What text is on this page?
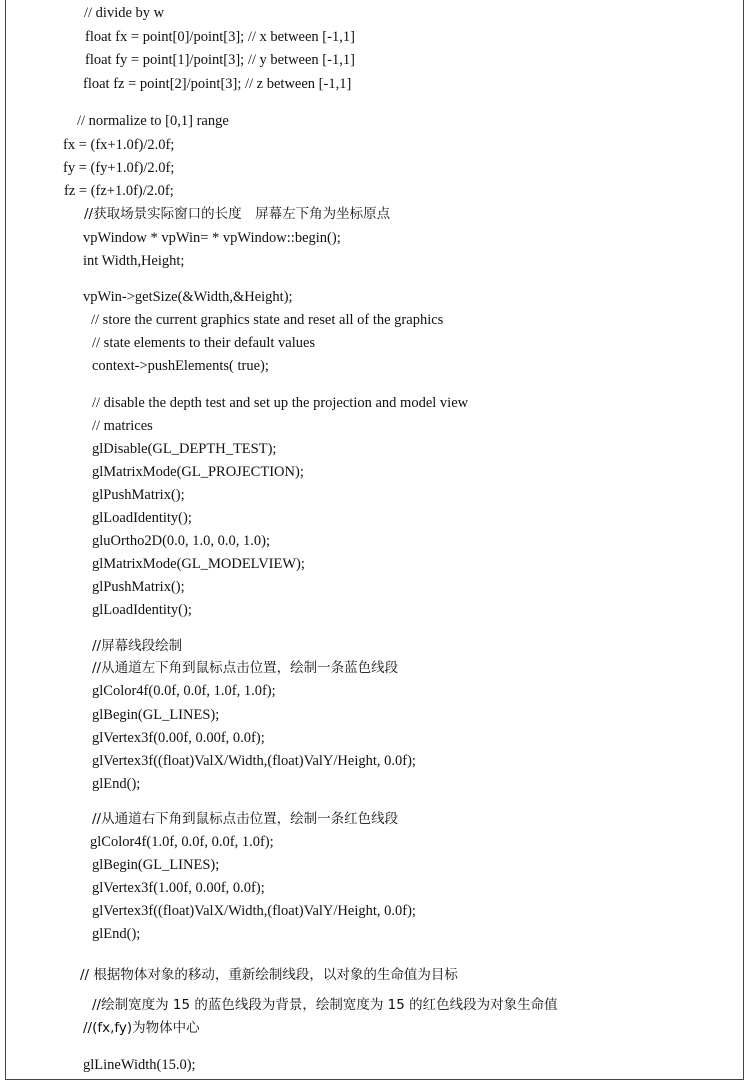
// divide by w
float fx = point[0]/point[3]; // x between [-1,1]
float fy = point[1]/point[3]; // y between [-1,1]
float fz = point[2]/point[3]; // z between [-1,1]
// normalize to [0,1] range
fx = (fx+1.0f)/2.0f;
fy = (fy+1.0f)/2.0f;
fz = (fz+1.0f)/2.0f;
//获取场景实际窗口的长度　屏幕左下角为坐标原点
vpWindow * vpWin= * vpWindow::begin();
int Width,Height;
vpWin->getSize(&Width,&Height);
// store the current graphics state and reset all of the graphics
// state elements to their default values
context->pushElements( true);
// disable the depth test and set up the projection and model view
// matrices
glDisable(GL_DEPTH_TEST);
glMatrixMode(GL_PROJECTION);
glPushMatrix();
glLoadIdentity();
gluOrtho2D(0.0, 1.0, 0.0, 1.0);
glMatrixMode(GL_MODELVIEW);
glPushMatrix();
glLoadIdentity();
//屏幕线段绘制
//从通道左下角到鼠标点击位置，绘制一条蓝色线段
glColor4f(0.0f, 0.0f, 1.0f, 1.0f);
glBegin(GL_LINES);
glVertex3f(0.00f, 0.00f, 0.0f);
glVertex3f((float)ValX/Width,(float)ValY/Height, 0.0f);
glEnd();
//从通道右下角到鼠标点击位置，绘制一条红色线段
glColor4f(1.0f, 0.0f, 0.0f, 1.0f);
glBegin(GL_LINES);
glVertex3f(1.00f, 0.00f, 0.0f);
glVertex3f((float)ValX/Width,(float)ValY/Height, 0.0f);
glEnd();
// 根据物体对象的移动，重新绘制线段，以对象的生命值为目标
//绘制宽度为 15 的蓝色线段为背景，绘制宽度为 15 的红色线段为对象生命值
//(fx,fy)为物体中心
glLineWidth(15.0);
